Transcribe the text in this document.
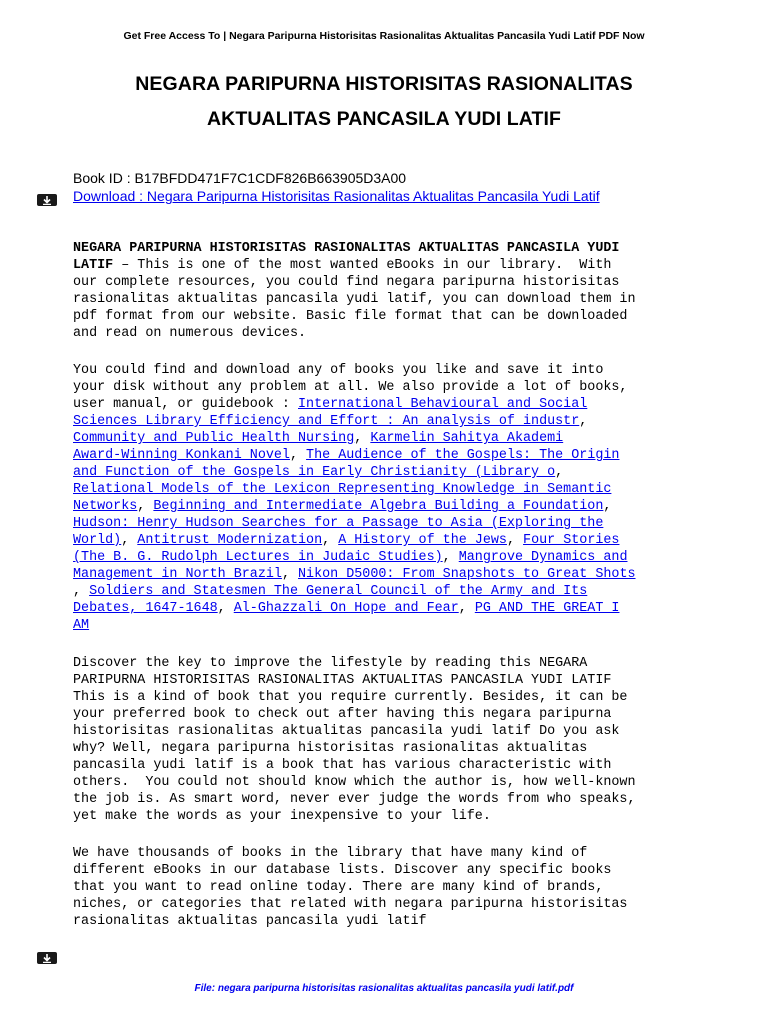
Get Free Access To | Negara Paripurna Historisitas Rasionalitas Aktualitas Pancasila Yudi Latif PDF Now
NEGARA PARIPURNA HISTORISITAS RASIONALITAS
AKTUALITAS PANCASILA YUDI LATIF
Book ID : B17BFDD471F7C1CDF826B663905D3A00
Download : Negara Paripurna Historisitas Rasionalitas Aktualitas Pancasila Yudi Latif
NEGARA PARIPURNA HISTORISITAS RASIONALITAS AKTUALITAS PANCASILA YUDI
LATIF – This is one of the most wanted eBooks in our library.  With
our complete resources, you could find negara paripurna historisitas
rasionalitas aktualitas pancasila yudi latif, you can download them in
pdf format from our website. Basic file format that can be downloaded
and read on numerous devices.
You could find and download any of books you like and save it into
your disk without any problem at all. We also provide a lot of books,
user manual, or guidebook : International Behavioural and Social
Sciences Library Efficiency and Effort : An analysis of industr,
Community and Public Health Nursing, Karmelin Sahitya Akademi
Award-Winning Konkani Novel, The Audience of the Gospels: The Origin
and Function of the Gospels in Early Christianity (Library o,
Relational Models of the Lexicon Representing Knowledge in Semantic
Networks, Beginning and Intermediate Algebra Building a Foundation,
Hudson: Henry Hudson Searches for a Passage to Asia (Exploring the
World), Antitrust Modernization, A History of the Jews, Four Stories
(The B. G. Rudolph Lectures in Judaic Studies), Mangrove Dynamics and
Management in North Brazil, Nikon D5000: From Snapshots to Great Shots
, Soldiers and Statesmen The General Council of the Army and Its
Debates, 1647-1648, Al-Ghazzali On Hope and Fear, PG AND THE GREAT I
AM
Discover the key to improve the lifestyle by reading this NEGARA
PARIPURNA HISTORISITAS RASIONALITAS AKTUALITAS PANCASILA YUDI LATIF
This is a kind of book that you require currently. Besides, it can be
your preferred book to check out after having this negara paripurna
historisitas rasionalitas aktualitas pancasila yudi latif Do you ask
why? Well, negara paripurna historisitas rasionalitas aktualitas
pancasila yudi latif is a book that has various characteristic with
others.  You could not should know which the author is, how well-known
the job is. As smart word, never ever judge the words from who speaks,
yet make the words as your inexpensive to your life.
We have thousands of books in the library that have many kind of
different eBooks in our database lists. Discover any specific books
that you want to read online today. There are many kind of brands,
niches, or categories that related with negara paripurna historisitas
rasionalitas aktualitas pancasila yudi latif
File: negara paripurna historisitas rasionalitas aktualitas pancasila yudi latif.pdf
